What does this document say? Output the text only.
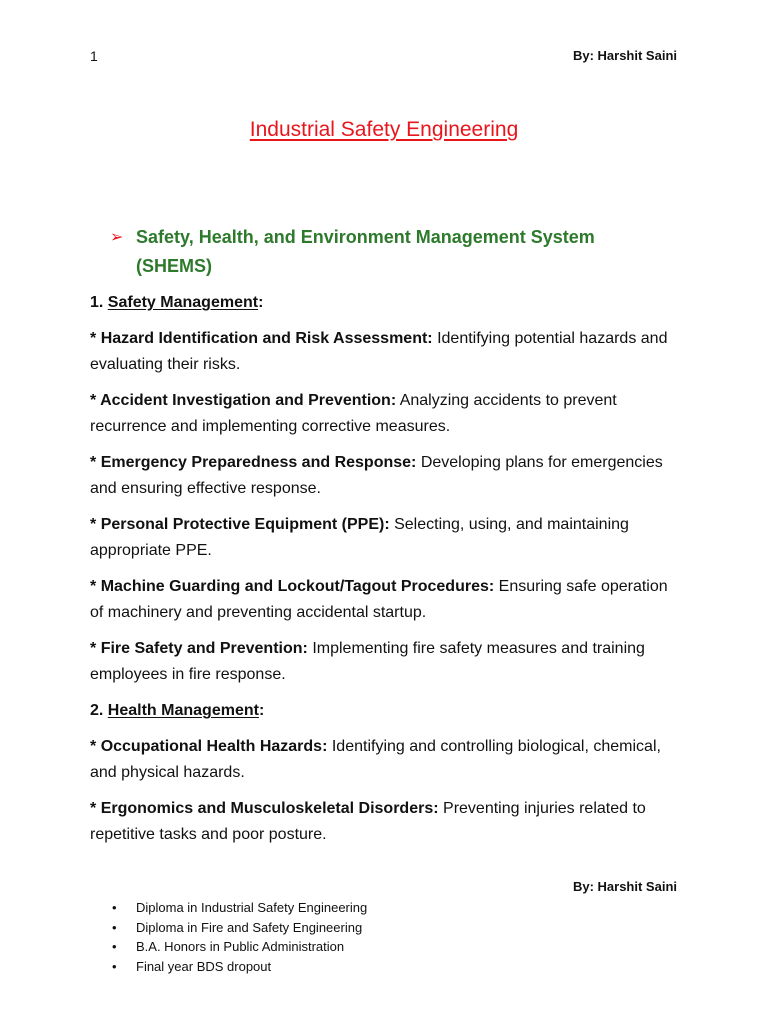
1	By: Harshit Saini
Industrial Safety Engineering
➢ Safety, Health, and Environment Management System (SHEMS)

1. Safety Management:

* Hazard Identification and Risk Assessment: Identifying potential hazards and evaluating their risks.

* Accident Investigation and Prevention: Analyzing accidents to prevent recurrence and implementing corrective measures.

* Emergency Preparedness and Response: Developing plans for emergencies and ensuring effective response.

* Personal Protective Equipment (PPE): Selecting, using, and maintaining appropriate PPE.

* Machine Guarding and Lockout/Tagout Procedures: Ensuring safe operation of machinery and preventing accidental startup.

* Fire Safety and Prevention: Implementing fire safety measures and training employees in fire response.

2. Health Management:

* Occupational Health Hazards: Identifying and controlling biological, chemical, and physical hazards.

* Ergonomics and Musculoskeletal Disorders: Preventing injuries related to repetitive tasks and poor posture.

By: Harshit Saini
• Diploma in Industrial Safety Engineering
• Diploma in Fire and Safety Engineering
• B.A. Honors in Public Administration
• Final year BDS dropout
